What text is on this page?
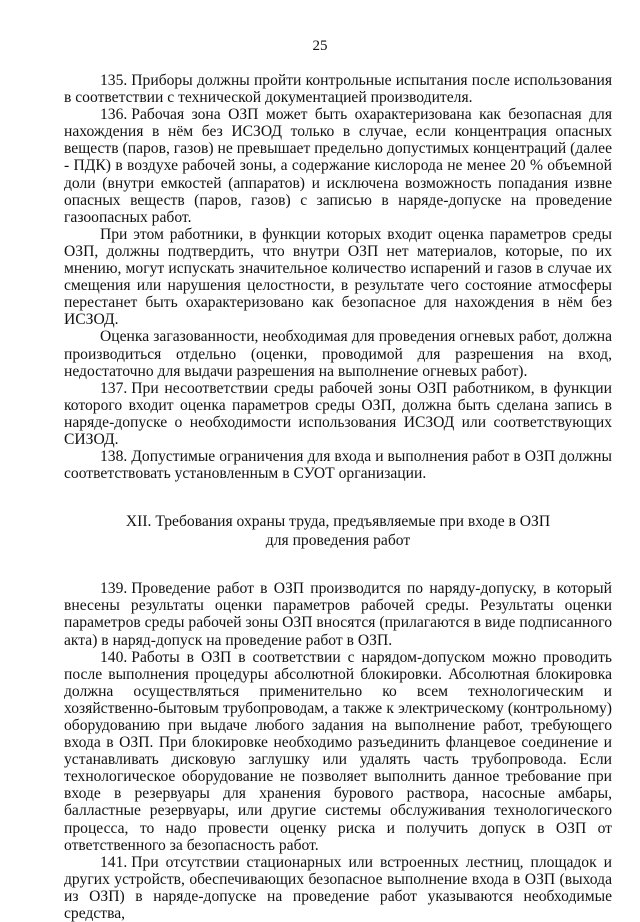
25

135. Приборы должны пройти контрольные испытания после использования в соответствии с технической документацией производителя.

136. Рабочая зона ОЗП может быть охарактеризована как безопасная для нахождения в нём без ИСЗОД только в случае, если концентрация опасных веществ (паров, газов) не превышает предельно допустимых концентраций (далее - ПДК) в воздухе рабочей зоны, а содержание кислорода не менее 20 % объемной доли (внутри емкостей (аппаратов) и исключена возможность попадания извне опасных веществ (паров, газов) с записью в наряде-допуске на проведение газоопасных работ.

При этом работники, в функции которых входит оценка параметров среды ОЗП, должны подтвердить, что внутри ОЗП нет материалов, которые, по их мнению, могут испускать значительное количество испарений и газов в случае их смещения или нарушения целостности, в результате чего состояние атмосферы перестанет быть охарактеризовано как безопасное для нахождения в нём без ИСЗОД.

Оценка загазованности, необходимая для проведения огневых работ, должна производиться отдельно (оценки, проводимой для разрешения на вход, недостаточно для выдачи разрешения на выполнение огневых работ).

137. При несоответствии среды рабочей зоны ОЗП работником, в функции которого входит оценка параметров среды ОЗП, должна быть сделана запись в наряде-допуске о необходимости использования ИСЗОД или соответствующих СИЗОД.

138. Допустимые ограничения для входа и выполнения работ в ОЗП должны соответствовать установленным в СУОТ организации.

XII. Требования охраны труда, предъявляемые при входе в ОЗП
для проведения работ

139. Проведение работ в ОЗП производится по наряду-допуску, в который внесены результаты оценки параметров рабочей среды. Результаты оценки параметров среды рабочей зоны ОЗП вносятся (прилагаются в виде подписанного акта) в наряд-допуск на проведение работ в ОЗП.

140. Работы в ОЗП в соответствии с нарядом-допуском можно проводить после выполнения процедуры абсолютной блокировки. Абсолютная блокировка должна осуществляться применительно ко всем технологическим и хозяйственно-бытовым трубопроводам, а также к электрическому (контрольному) оборудованию при выдаче любого задания на выполнение работ, требующего входа в ОЗП. При блокировке необходимо разъединить фланцевое соединение и устанавливать дисковую заглушку или удалять часть трубопровода. Если технологическое оборудование не позволяет выполнить данное требование при входе в резервуары для хранения бурового раствора, насосные амбары, балластные резервуары, или другие системы обслуживания технологического процесса, то надо провести оценку риска и получить допуск в ОЗП от ответственного за безопасность работ.

141. При отсутствии стационарных или встроенных лестниц, площадок и других устройств, обеспечивающих безопасное выполнение входа в ОЗП (выхода из ОЗП) в наряде-допуске на проведение работ указываются необходимые средства,
